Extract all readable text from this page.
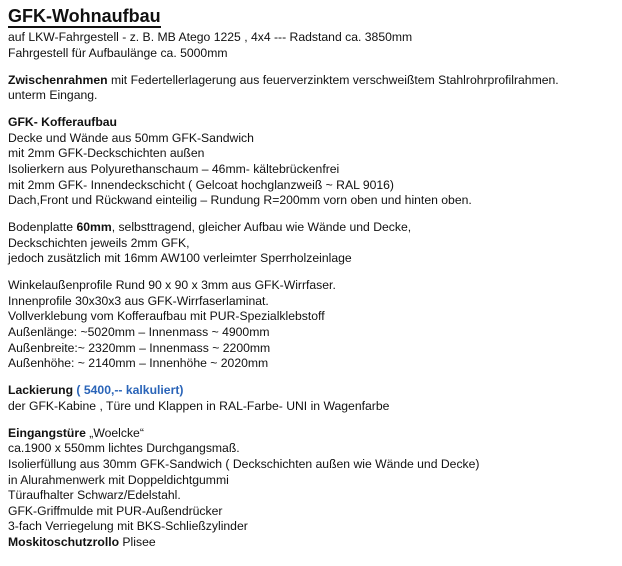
GFK-Wohnaufbau
auf LKW-Fahrgestell - z. B. MB Atego 1225 , 4x4 --- Radstand ca. 3850mm
Fahrgestell für Aufbaulänge ca. 5000mm
Zwischenrahmen mit Federtellerlagerung aus feuerverzinktem verschweißtem Stahlrohrprofilrahmen.
unterm Eingang.
GFK- Kofferaufbau
Decke und Wände aus 50mm GFK-Sandwich
mit 2mm GFK-Deckschichten außen
Isolierkern aus Polyurethanschaum – 46mm- kältebrückenfrei
mit 2mm GFK- Innendeckschicht ( Gelcoat hochglanzweiß ~ RAL 9016)
Dach,Front und Rückwand einteilig – Rundung R=200mm vorn oben und hinten oben.
Bodenplatte 60mm, selbsttragend, gleicher Aufbau wie Wände und Decke,
Deckschichten jeweils 2mm GFK,
jedoch zusätzlich mit 16mm AW100 verleimter Sperrholzeinlage
Winkelaußenprofile Rund 90 x 90 x 3mm aus GFK-Wirrfaser.
Innenprofile 30x30x3 aus GFK-Wirrfaserlaminat.
Vollverklebung vom Kofferaufbau mit PUR-Spezialklebstoff
Außenlänge: ~5020mm – Innenmass ~ 4900mm
Außenbreite:~ 2320mm – Innenmass ~ 2200mm
Außenhöhe: ~ 2140mm – Innenhöhe ~ 2020mm
Lackierung ( 5400,-- kalkuliert)
der GFK-Kabine , Türe und Klappen in RAL-Farbe- UNI in Wagenfarbe
Eingangstüre „Woelcke“
ca.1900 x 550mm lichtes Durchgangsmaß.
Isolierfüllung aus 30mm GFK-Sandwich ( Deckschichten außen wie Wände und Decke)
in Alurahmenwerk mit Doppeldichtgummi
Türaufhalter Schwarz/Edelstahl.
GFK-Griffmulde mit PUR-Außendrücker
3-fach Verriegelung mit BKS-Schließzylinder
Moskitoschutzrollo Plisee
